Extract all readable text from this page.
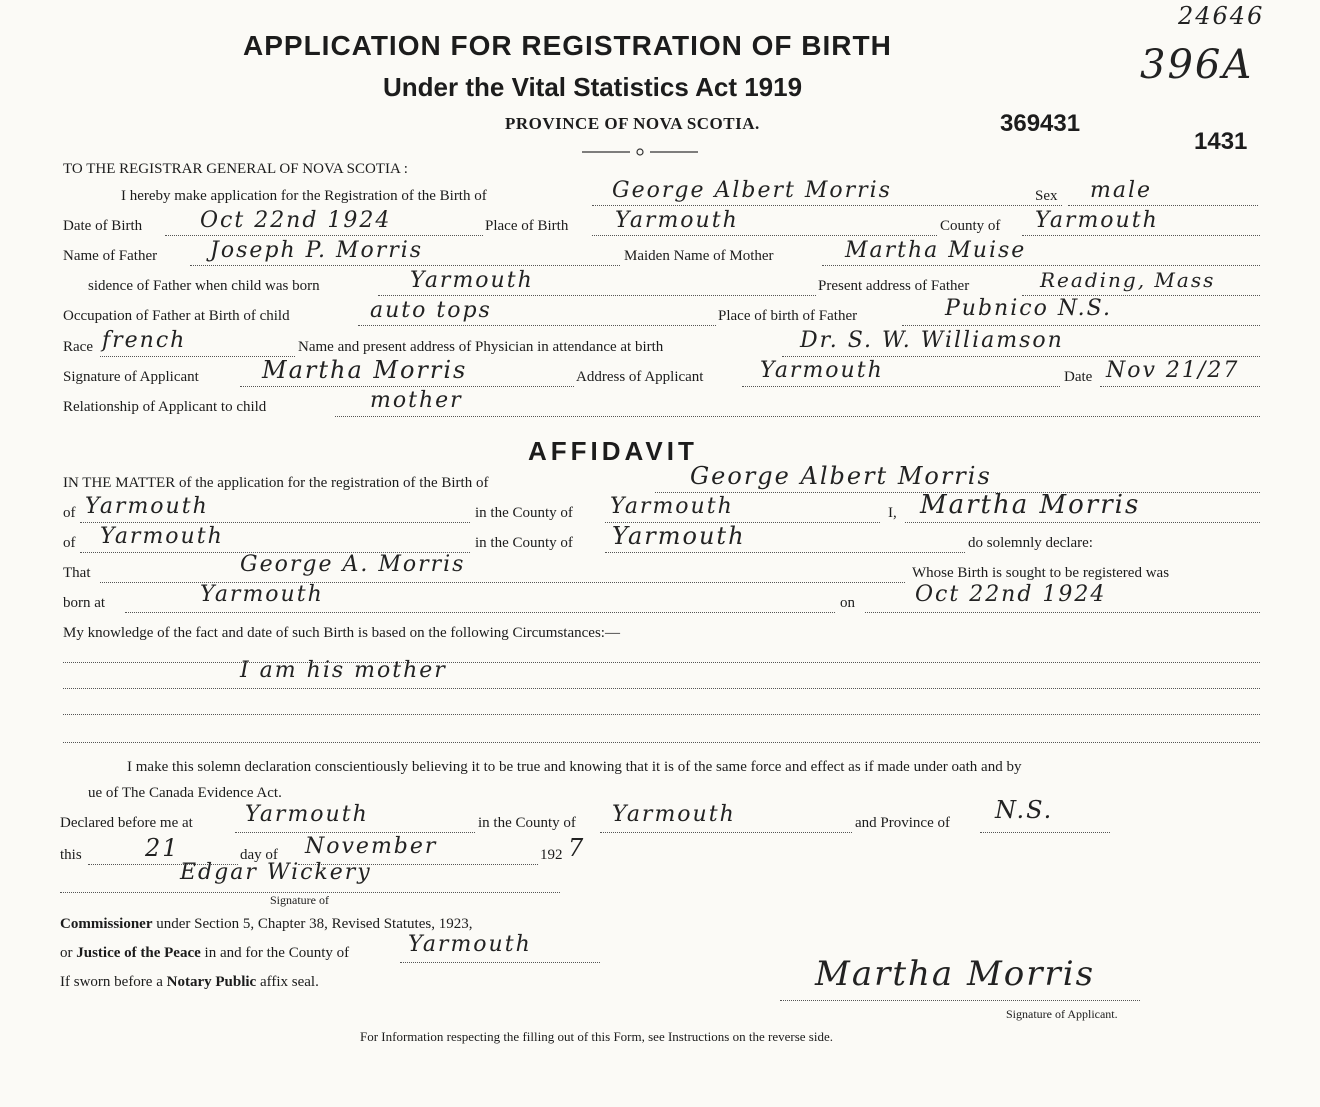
24646
396A
369431
1431
APPLICATION FOR REGISTRATION OF BIRTH
Under the Vital Statistics Act 1919
PROVINCE OF NOVA SCOTIA.
TO THE REGISTRAR GENERAL OF NOVA SCOTIA :
I hereby make application for the Registration of the Birth of	George Albert Morris	Sex male
Date of Birth	Oct 22nd 1924	Place of Birth Yarmouth	County of Yarmouth
Name of Father Joseph P. Morris	Maiden Name of Mother	Martha Muise
sidence of Father when child was born	Yarmouth	Present address of Father	Reading, Mass
Occupation of Father at Birth of child	auto tops	Place of birth of Father	Pubnico N.S.
Race french	Name and present address of Physician in attendance at birth	Dr. S. W. Williamson
Signature of Applicant	Martha Morris	Address of Applicant	Yarmouth	Date Nov 21/27
Relationship of Applicant to child	mother
AFFIDAVIT
IN THE MATTER of the application for the registration of the Birth of	George Albert Morris
of Yarmouth	in the County of Yarmouth	I, Martha Morris
of Yarmouth	in the County of Yarmouth	do solemnly declare:
That	George A. Morris	Whose Birth is sought to be registered was
born at	Yarmouth	on	Oct 22nd 1924
My knowledge of the fact and date of such Birth is based on the following Circumstances:—
I am his mother
I make this solemn declaration conscientiously believing it to be true and knowing that it is of the same force and effect as if made under oath and by
ue of The Canada Evidence Act.
Declared before me at Yarmouth	in the County of Yarmouth	and Province of N.S.
this	21	day of November	192 7
Edgar Wickery
Signature of
Commissioner under Section 5, Chapter 38, Revised Statutes, 1923,
or Justice of the Peace in and for the County of	Yarmouth
If sworn before a Notary Public affix seal.	Martha Morris
Signature of Applicant.
For Information respecting the filling out of this Form, see Instructions on the reverse side.
